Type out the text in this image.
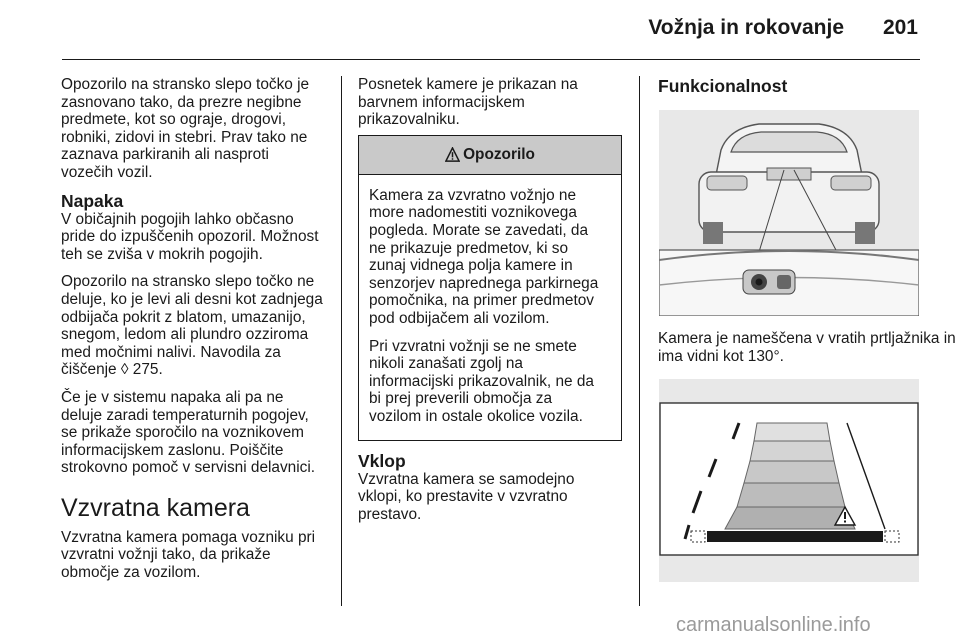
Vožnja in rokovanje 201

Opozorilo na stransko slepo točko je
zasnovano tako, da prezre negibne
predmete, kot so ograje, drogovi,
robniki, zidovi in stebri. Prav tako ne
zaznava parkiranih ali nasproti
vozečih vozil.

Napaka

V običajnih pogojih lahko občasno
pride do izpuščenih opozoril. Možnost
teh se zviša v mokrih pogojih.

Opozorilo na stransko slepo točko ne
deluje, ko je levi ali desni kot zadnjega
odbijača pokrit z blatom, umazanijo,
snegom, ledom ali plundro ozziroma
med močnimi nalivi. Navodila za
čiščenje ◊ 275.

Če je v sistemu napaka ali pa ne
deluje zaradi temperaturnih pogojev,
se prikaže sporočilo na voznikovem
informacijskem zaslonu. Poiščite
strokovno pomoč v servisni delavnici.

Vzvratna kamera

Vzvratna kamera pomaga vozniku pri
vzvratni vožnji tako, da prikaže
območje za vozilom.

Posnetek kamere je prikazan na
barvnem informacijskem
prikazovalniku.

Opozorilo

Kamera za vzvratno vožnjo ne
more nadomestiti voznikovega
pogleda. Morate se zavedati, da
ne prikazuje predmetov, ki so
zunaj vidnega polja kamere in
senzorjev naprednega parkirnega
pomočnika, na primer predmetov
pod odbijačem ali vozilom.

Pri vzvratni vožnji se ne smete
nikoli zanašati zgolj na
informacijski prikazovalnik, ne da
bi prej preverili območja za
vozilom in ostale okolice vozila.

Vklop

Vzvratna kamera se samodejno
vklopi, ko prestavite v vzvratno
prestavo.

Funkcionalnost
Kamera je nameščena v vratih prtljažnika in ima vidni kot 130°.
carmanualsonline.info
